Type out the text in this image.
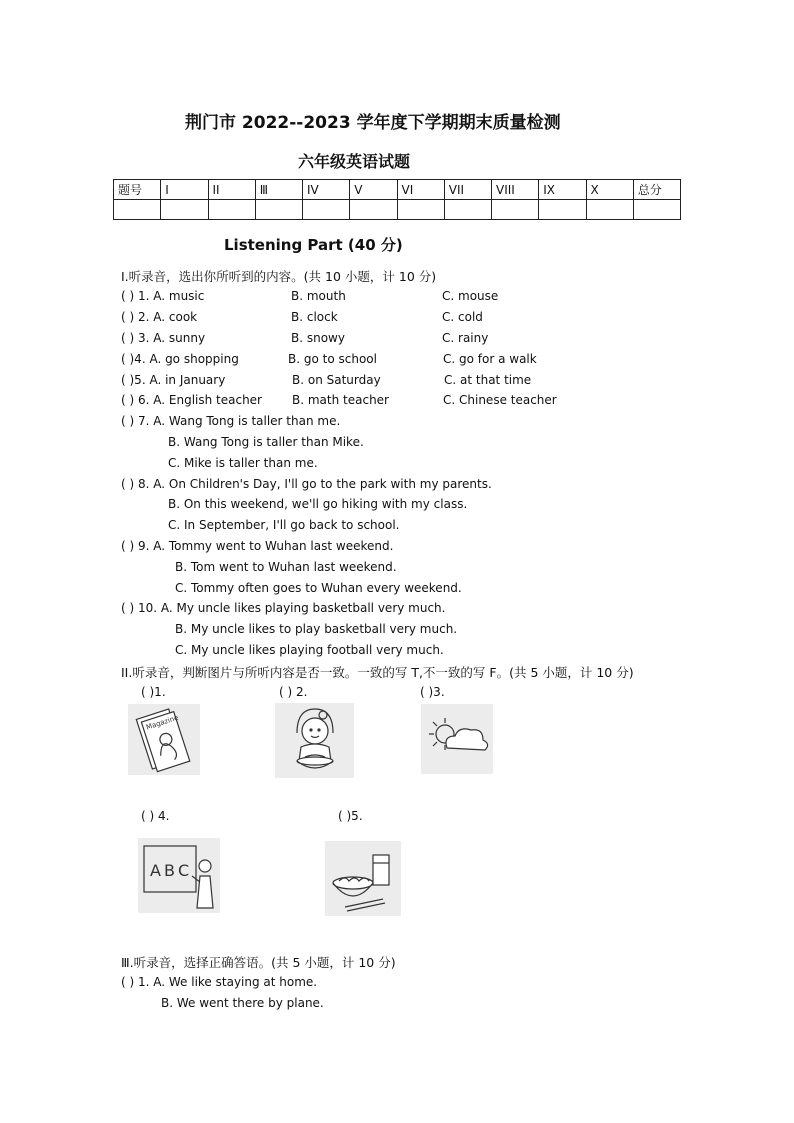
荆门市 2022--2023 学年度下学期期末质量检测
六年级英语试题
题号	I	II	Ⅲ	IV	V	VI	VII	VIII	IX	X	总分

Listening Part (40 分)
I.听录音，选出你所听到的内容。(共 10 小题，计 10 分)
( ) 1. A. music	B. mouth	C. mouse
( ) 2. A. cook	B. clock	C. cold
( ) 3. A. sunny	B. snowy	C. rainy
( )4. A. go shopping	B. go to school	C. go for a walk
( )5. A. in January	B. on Saturday	C. at that time
( ) 6. A. English teacher	B. math teacher	C. Chinese teacher
( ) 7. A. Wang Tong is taller than me.
B. Wang Tong is taller than Mike.
C. Mike is taller than me.
( ) 8. A. On Children's Day, I'll go to the park with my parents.
B. On this weekend, we'll go hiking with my class.
C. In September, I'll go back to school.
( ) 9. A. Tommy went to Wuhan last weekend.
B. Tom went to Wuhan last weekend.
C. Tommy often goes to Wuhan every weekend.
( ) 10. A. My uncle likes playing basketball very much.
B. My uncle likes to play basketball very much.
C. My uncle likes playing football very much.
II.听录音，判断图片与所听内容是否一致。一致的写 T,不一致的写 F。(共 5 小题，计 10 分)
( )1.	( ) 2.	( )3.
Magazine
( ) 4.	( )5.
A B C
Ⅲ.听录音，选择正确答语。(共 5 小题，计 10 分)
( ) 1. A. We like staying at home.
B. We went there by plane.
